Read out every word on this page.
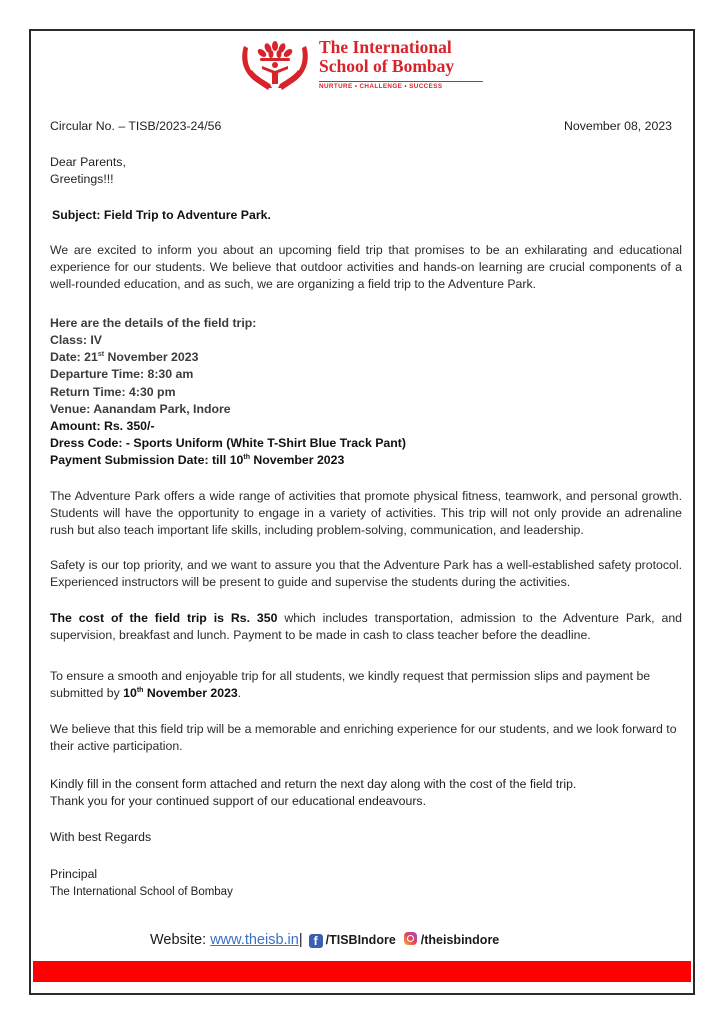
The International
School of Bombay
NURTURE • CHALLENGE • SUCCESS
Circular No. – TISB/2023-24/56	November 08, 2023
Dear Parents,
Greetings!!!
Subject: Field Trip to Adventure Park.
We are excited to inform you about an upcoming field trip that promises to be an exhilarating and educational experience for our students. We believe that outdoor activities and hands-on learning are crucial components of a well-rounded education, and as such, we are organizing a field trip to the Adventure Park.
Here are the details of the field trip:
Class: IV
Date: 21st November 2023
Departure Time: 8:30 am
Return Time: 4:30 pm
Venue: Aanandam Park, Indore
Amount: Rs. 350/-
Dress Code: - Sports Uniform (White T-Shirt Blue Track Pant)
Payment Submission Date: till 10th November 2023
The Adventure Park offers a wide range of activities that promote physical fitness, teamwork, and personal growth. Students will have the opportunity to engage in a variety of activities. This trip will not only provide an adrenaline rush but also teach important life skills, including problem-solving, communication, and leadership.
Safety is our top priority, and we want to assure you that the Adventure Park has a well-established safety protocol. Experienced instructors will be present to guide and supervise the students during the activities.
The cost of the field trip is Rs. 350 which includes transportation, admission to the Adventure Park, and supervision, breakfast and lunch. Payment to be made in cash to class teacher before the deadline.
To ensure a smooth and enjoyable trip for all students, we kindly request that permission slips and payment be submitted by 10th November 2023.
We believe that this field trip will be a memorable and enriching experience for our students, and we look forward to their active participation.
Kindly fill in the consent form attached and return the next day along with the cost of the field trip.
Thank you for your continued support of our educational endeavours.
With best Regards
Principal
The International School of Bombay
Website: www.theisb.in| f /TISBIndore /theisbindore
